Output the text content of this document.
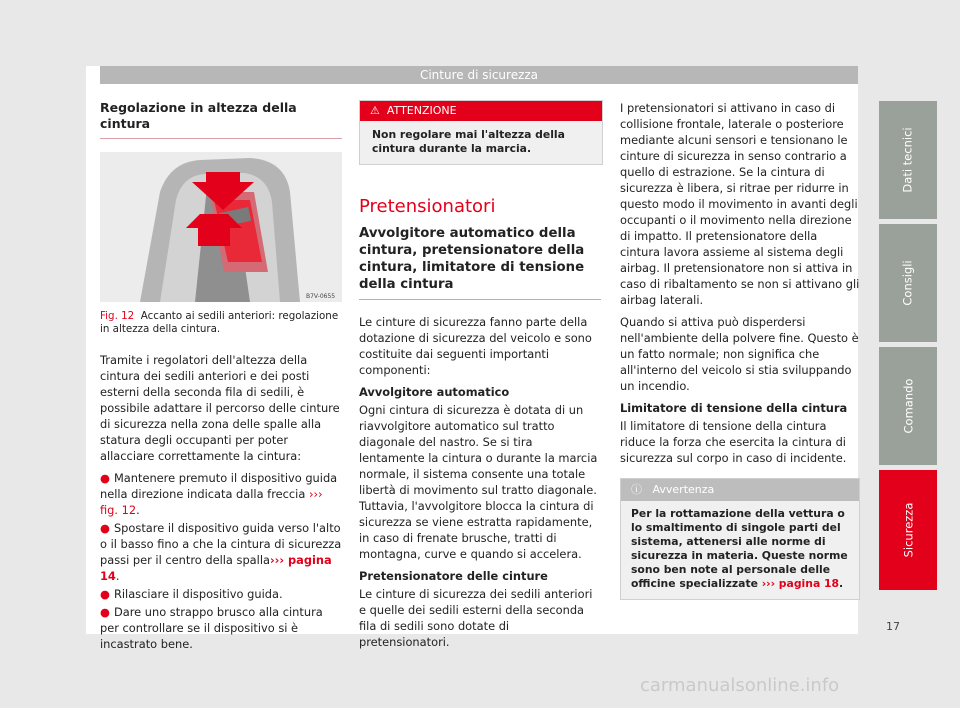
Cinture di sicurezza
Regolazione in altezza della cintura
B7V-0655
Fig. 12 Accanto ai sedili anteriori: regolazione in altezza della cintura.

Tramite i regolatori dell'altezza della cintura dei sedili anteriori e dei posti esterni della seconda fila di sedili, è possibile adattare il percorso delle cinture di sicurezza nella zona delle spalle alla statura degli occupanti per poter allacciare correttamente la cintura:

● Mantenere premuto il dispositivo guida nella direzione indicata dalla freccia ››› fig. 12.
● Spostare il dispositivo guida verso l'alto o il basso fino a che la cintura di sicurezza passi per il centro della spalla››› pagina 14.
● Rilasciare il dispositivo guida.
● Dare uno strappo brusco alla cintura per controllare se il dispositivo si è incastrato bene.
⚠ ATTENZIONE
Non regolare mai l'altezza della cintura durante la marcia.
Pretensionatori
Avvolgitore automatico della cintura, pretensionatore della cintura, limitatore di tensione della cintura

Le cinture di sicurezza fanno parte della dotazione di sicurezza del veicolo e sono costituite dai seguenti importanti componenti:

Avvolgitore automatico

Ogni cintura di sicurezza è dotata di un riavvolgitore automatico sul tratto diagonale del nastro. Se si tira lentamente la cintura o durante la marcia normale, il sistema consente una totale libertà di movimento sul tratto diagonale. Tuttavia, l'avvolgitore blocca la cintura di sicurezza se viene estratta rapidamente, in caso di frenate brusche, tratti di montagna, curve e quando si accelera.

Pretensionatore delle cinture

Le cinture di sicurezza dei sedili anteriori e quelle dei sedili esterni della seconda fila di sedili sono dotate di pretensionatori.

I pretensionatori si attivano in caso di collisione frontale, laterale o posteriore mediante alcuni sensori e tensionano le cinture di sicurezza in senso contrario a quello di estrazione. Se la cintura di sicurezza è libera, si ritrae per ridurre in questo modo il movimento in avanti degli occupanti o il movimento nella direzione di impatto. Il pretensionatore della cintura lavora assieme al sistema degli airbag. Il pretensionatore non si attiva in caso di ribaltamento se non si attivano gli airbag laterali.

Quando si attiva può disperdersi nell'ambiente della polvere fine. Questo è un fatto normale; non significa che all'interno del veicolo si stia sviluppando un incendio.

Limitatore di tensione della cintura

Il limitatore di tensione della cintura riduce la forza che esercita la cintura di sicurezza sul corpo in caso di incidente.

ⓘ Avvertenza
Per la rottamazione della vettura o lo smaltimento di singole parti del sistema, attenersi alle norme di sicurezza in materia. Queste norme sono ben note al personale delle officine specializzate ››› pagina 18.
Dati tecnici
Consigli
Comando
Sicurezza
17
carmanualsonline.info
